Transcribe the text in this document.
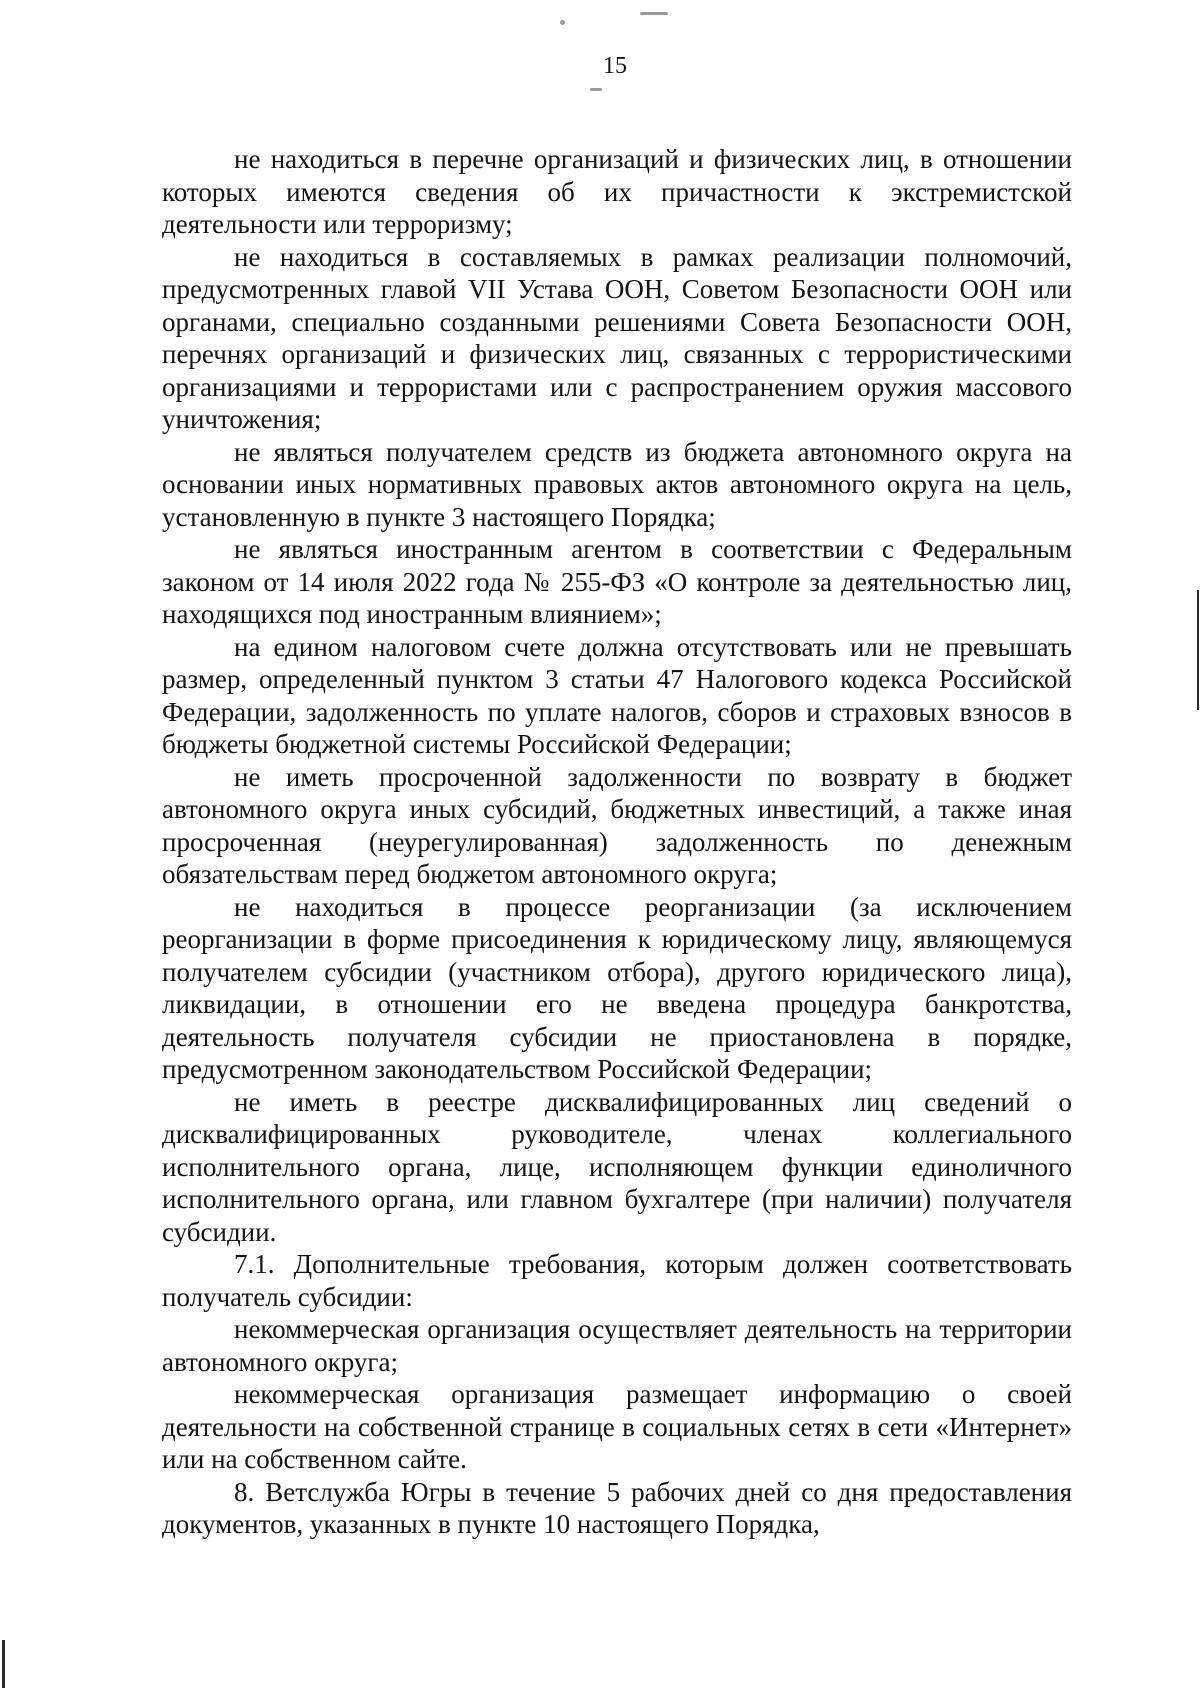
15

не находиться в перечне организаций и физических лиц, в отношении которых имеются сведения об их причастности к экстремистской деятельности или терроризму;

не находиться в составляемых в рамках реализации полномочий, предусмотренных главой VII Устава ООН, Советом Безопасности ООН или органами, специально созданными решениями Совета Безопасности ООН, перечнях организаций и физических лиц, связанных с террористическими организациями и террористами или с распространением оружия массового уничтожения;

не являться получателем средств из бюджета автономного округа на основании иных нормативных правовых актов автономного округа на цель, установленную в пункте 3 настоящего Порядка;

не являться иностранным агентом в соответствии с Федеральным законом от 14 июля 2022 года № 255-ФЗ «О контроле за деятельностью лиц, находящихся под иностранным влиянием»;

на едином налоговом счете должна отсутствовать или не превышать размер, определенный пунктом 3 статьи 47 Налогового кодекса Российской Федерации, задолженность по уплате налогов, сборов и страховых взносов в бюджеты бюджетной системы Российской Федерации;

не иметь просроченной задолженности по возврату в бюджет автономного округа иных субсидий, бюджетных инвестиций, а также иная просроченная (неурегулированная) задолженность по денежным обязательствам перед бюджетом автономного округа;

не находиться в процессе реорганизации (за исключением реорганизации в форме присоединения к юридическому лицу, являющемуся получателем субсидии (участником отбора), другого юридического лица), ликвидации, в отношении его не введена процедура банкротства, деятельность получателя субсидии не приостановлена в порядке, предусмотренном законодательством Российской Федерации;

не иметь в реестре дисквалифицированных лиц сведений о дисквалифицированных руководителе, членах коллегиального исполнительного органа, лице, исполняющем функции единоличного исполнительного органа, или главном бухгалтере (при наличии) получателя субсидии.

7.1. Дополнительные требования, которым должен соответствовать получатель субсидии:

некоммерческая организация осуществляет деятельность на территории автономного округа;

некоммерческая организация размещает информацию о своей деятельности на собственной странице в социальных сетях в сети «Интернет» или на собственном сайте.

8. Ветслужба Югры в течение 5 рабочих дней со дня предоставления документов, указанных в пункте 10 настоящего Порядка,
